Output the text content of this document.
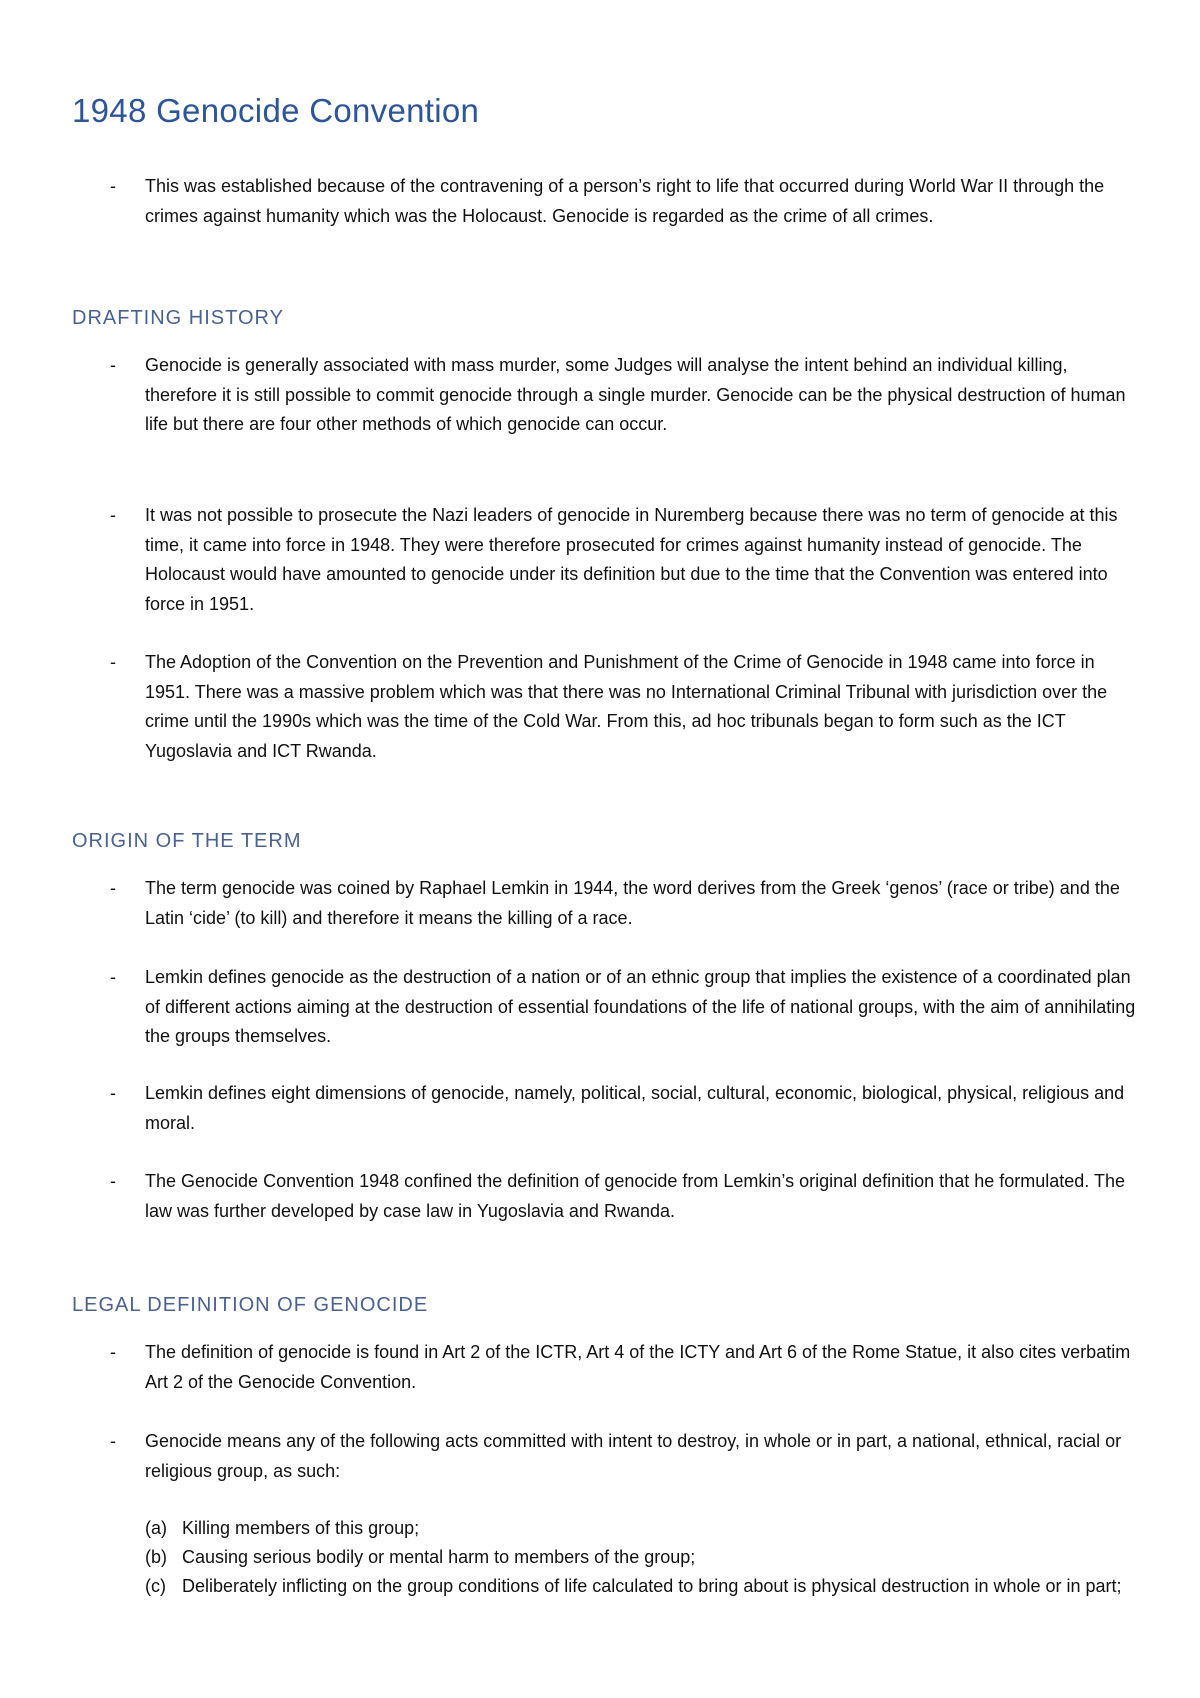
1948 Genocide Convention
- This was established because of the contravening of a person’s right to life that occurred during World War II through the crimes against humanity which was the Holocaust. Genocide is regarded as the crime of all crimes.
DRAFTING HISTORY
- Genocide is generally associated with mass murder, some Judges will analyse the intent behind an individual killing, therefore it is still possible to commit genocide through a single murder. Genocide can be the physical destruction of human life but there are four other methods of which genocide can occur.
- It was not possible to prosecute the Nazi leaders of genocide in Nuremberg because there was no term of genocide at this time, it came into force in 1948. They were therefore prosecuted for crimes against humanity instead of genocide. The Holocaust would have amounted to genocide under its definition but due to the time that the Convention was entered into force in 1951.
- The Adoption of the Convention on the Prevention and Punishment of the Crime of Genocide in 1948 came into force in 1951. There was a massive problem which was that there was no International Criminal Tribunal with jurisdiction over the crime until the 1990s which was the time of the Cold War. From this, ad hoc tribunals began to form such as the ICT Yugoslavia and ICT Rwanda.
ORIGIN OF THE TERM
- The term genocide was coined by Raphael Lemkin in 1944, the word derives from the Greek ‘genos’ (race or tribe) and the Latin ‘cide’ (to kill) and therefore it means the killing of a race.
- Lemkin defines genocide as the destruction of a nation or of an ethnic group that implies the existence of a coordinated plan of different actions aiming at the destruction of essential foundations of the life of national groups, with the aim of annihilating the groups themselves.
- Lemkin defines eight dimensions of genocide, namely, political, social, cultural, economic, biological, physical, religious and moral.
- The Genocide Convention 1948 confined the definition of genocide from Lemkin’s original definition that he formulated. The law was further developed by case law in Yugoslavia and Rwanda.
LEGAL DEFINITION OF GENOCIDE
- The definition of genocide is found in Art 2 of the ICTR, Art 4 of the ICTY and Art 6 of the Rome Statue, it also cites verbatim Art 2 of the Genocide Convention.
- Genocide means any of the following acts committed with intent to destroy, in whole or in part, a national, ethnical, racial or religious group, as such:
(a) Killing members of this group;
(b) Causing serious bodily or mental harm to members of the group;
(c) Deliberately inflicting on the group conditions of life calculated to bring about is physical destruction in whole or in part;
